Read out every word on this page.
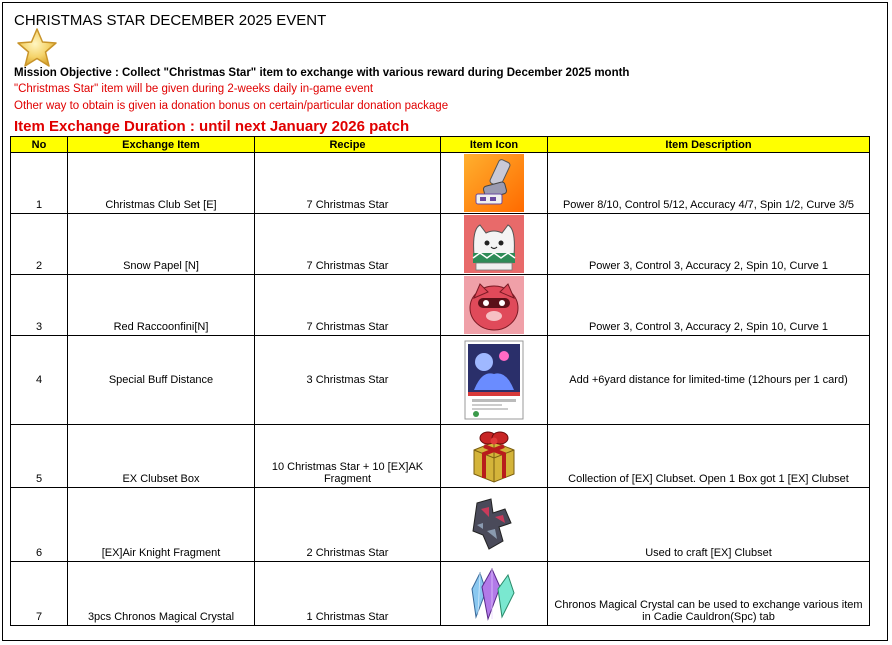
CHRISTMAS STAR DECEMBER 2025 EVENT
Mission Objective : Collect "Christmas Star" item to exchange with various reward during December 2025 month
"Christmas Star" item will be given during 2-weeks daily in-game event
Other way to obtain is given ia donation bonus on certain/particular donation package
Item Exchange Duration : until next January 2026 patch
No	Exchange Item	Recipe	Item Icon	Item Description
1	Christmas Club Set [E]	7 Christmas Star		Power 8/10, Control 5/12, Accuracy 4/7, Spin 1/2, Curve 3/5
2	Snow Papel [N]	7 Christmas Star		Power 3, Control 3, Accuracy 2, Spin 10, Curve 1
3	Red Raccoonfini[N]	7 Christmas Star		Power 3, Control 3, Accuracy 2, Spin 10, Curve 1
4	Special Buff Distance	3 Christmas Star		Add +6yard distance for limited-time (12hours per 1 card)
5	EX Clubset Box	10 Christmas Star + 10 [EX]AK
Fragment		Collection of [EX] Clubset. Open 1 Box got 1 [EX] Clubset
6	[EX]Air Knight Fragment	2 Christmas Star		Used to craft [EX] Clubset
7	3pcs Chronos Magical Crystal	1 Christmas Star		Chronos Magical Crystal can be used to exchange various item
in Cadie Cauldron(Spc) tab
